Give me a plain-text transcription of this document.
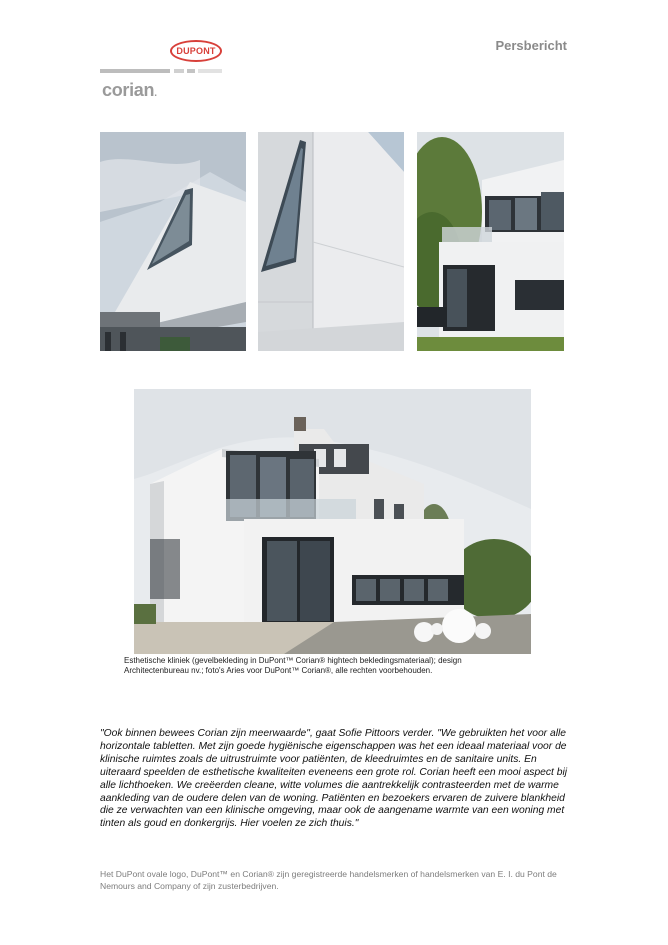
DUPONT
corian.
Persbericht
Esthetische kliniek (gevelbekleding in DuPont™ Corian® hightech bekledingsmateriaal); design
Architectenbureau nv.; foto's Aries voor DuPont™ Corian®, alle rechten voorbehouden.
"Ook binnen bewees Corian zijn meerwaarde", gaat Sofie Pittoors verder. "We gebruikten het voor alle horizontale tabletten. Met zijn goede hygiënische eigenschappen was het een ideaal materiaal voor de klinische ruimtes zoals de uitrustruimte voor patiënten, de kleedruimtes en de sanitaire units. En uiteraard speelden de esthetische kwaliteiten eveneens een grote rol. Corian heeft een mooi aspect bij alle lichthoeken. We creëerden cleane, witte volumes die aantrekkelijk contrasteerden met de warme aankleding van de oudere delen van de woning. Patiënten en bezoekers ervaren de zuivere blankheid die ze verwachten van een klinische omgeving, maar ook de aangename warmte van een woning met tinten als goud en donkergrijs. Hier voelen ze zich thuis."
Het DuPont ovale logo, DuPont™ en Corian® zijn geregistreerde handelsmerken of handelsmerken van E. I. du Pont de Nemours and Company of zijn zusterbedrijven.
